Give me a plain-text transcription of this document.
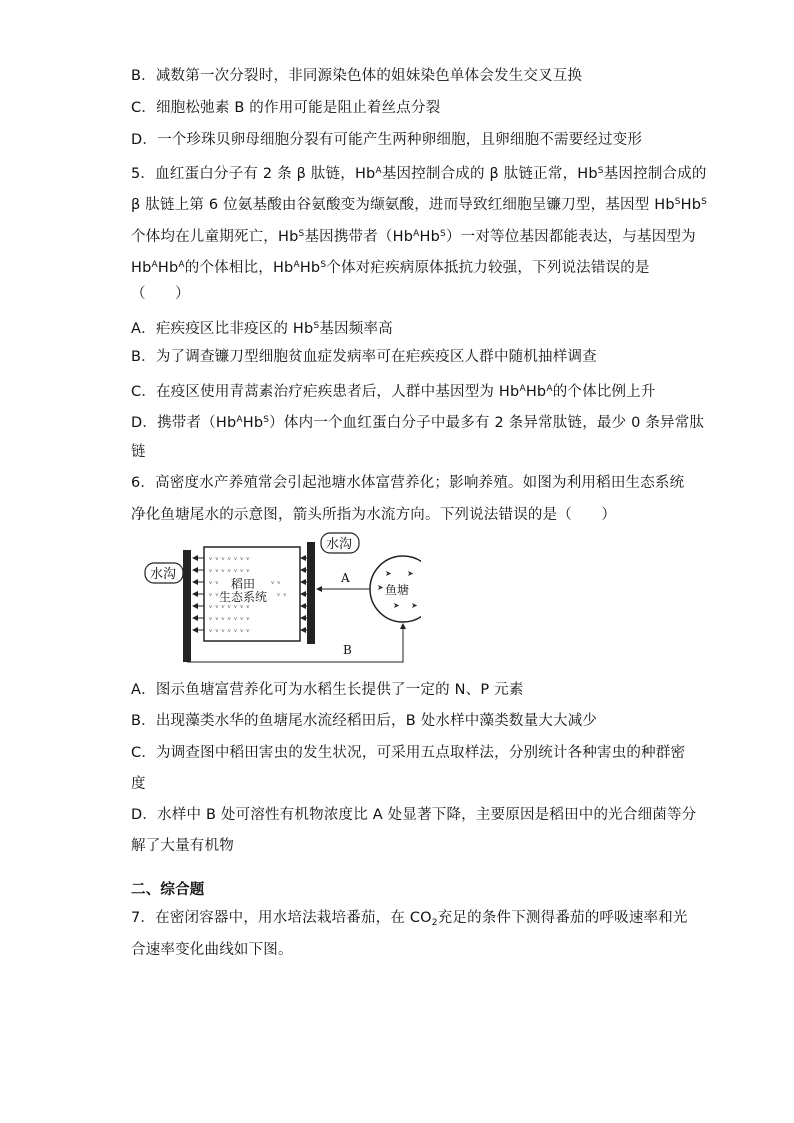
B．减数第一次分裂时，非同源染色体的姐妹染色单体会发生交叉互换
C．细胞松弛素 B 的作用可能是阻止着丝点分裂
D．一个珍珠贝卵母细胞分裂有可能产生两种卵细胞，且卵细胞不需要经过变形
5．血红蛋白分子有 2 条 β 肽链，$Hb^A$基因控制合成的 β 肽链正常，$Hb^S$基因控制合成的
β 肽链上第 6 位氨基酸由谷氨酸变为缬氨酸，进而导致红细胞呈镰刀型，基因型 $Hb^SHb^S$
个体均在儿童期死亡，$Hb^S$基因携带者$(Hb^AHb^S)$一对等位基因都能表达，与基因型为
$Hb^AHb^A$的个体相比，$Hb^AHb^S$个体对疟疾病原体抵抗力较强，下列说法错误的是
（　　）
A．疟疾疫区比非疫区的 $Hb^S$基因频率高
B．为了调查镰刀型细胞贫血症发病率可在疟疾疫区人群中随机抽样调查
C．在疫区使用青蒿素治疗疟疾患者后，人群中基因型为 $Hb^AHb^A$的个体比例上升
D．携带者$(Hb^AHb^S)$体内一个血红蛋白分子中最多有 2 条异常肽链，最少 0 条异常肽
链
6．高密度水产养殖常会引起池塘水体富营养化；影响养殖。如图为利用稻田生态系统
净化鱼塘尾水的示意图，箭头所指为水流方向。下列说法错误的是（　　）
ᵥ ᵥ ᵥ ᵥ ᵥ ᵥ ᵥ
ᵥ ᵥ ᵥ ᵥ ᵥ ᵥ ᵥ
ᵥ ᵥ	ᵥ ᵥ
ᵥ ᵥ	ᵥ ᵥ
ᵥ ᵥ ᵥ ᵥ ᵥ ᵥ ᵥ
ᵥ ᵥ ᵥ ᵥ ᵥ ᵥ ᵥ
ᵥ ᵥ ᵥ ᵥ ᵥ ᵥ ᵥ
稻田
生态系统
水沟
水沟
鱼塘
➤ ➤
➤
➤ ➤
A
B
A．图示鱼塘富营养化可为水稻生长提供了一定的 N、P 元素
B．出现藻类水华的鱼塘尾水流经稻田后，B 处水样中藻类数量大大减少
C．为调查图中稻田害虫的发生状况，可采用五点取样法，分别统计各种害虫的种群密
度
D．水样中 B 处可溶性有机物浓度比 A 处显著下降，主要原因是稻田中的光合细菌等分
解了大量有机物
二、综合题
7．在密闭容器中，用水培法栽培番茄，在 $CO_2$充足的条件下测得番茄的呼吸速率和光
合速率变化曲线如下图。
